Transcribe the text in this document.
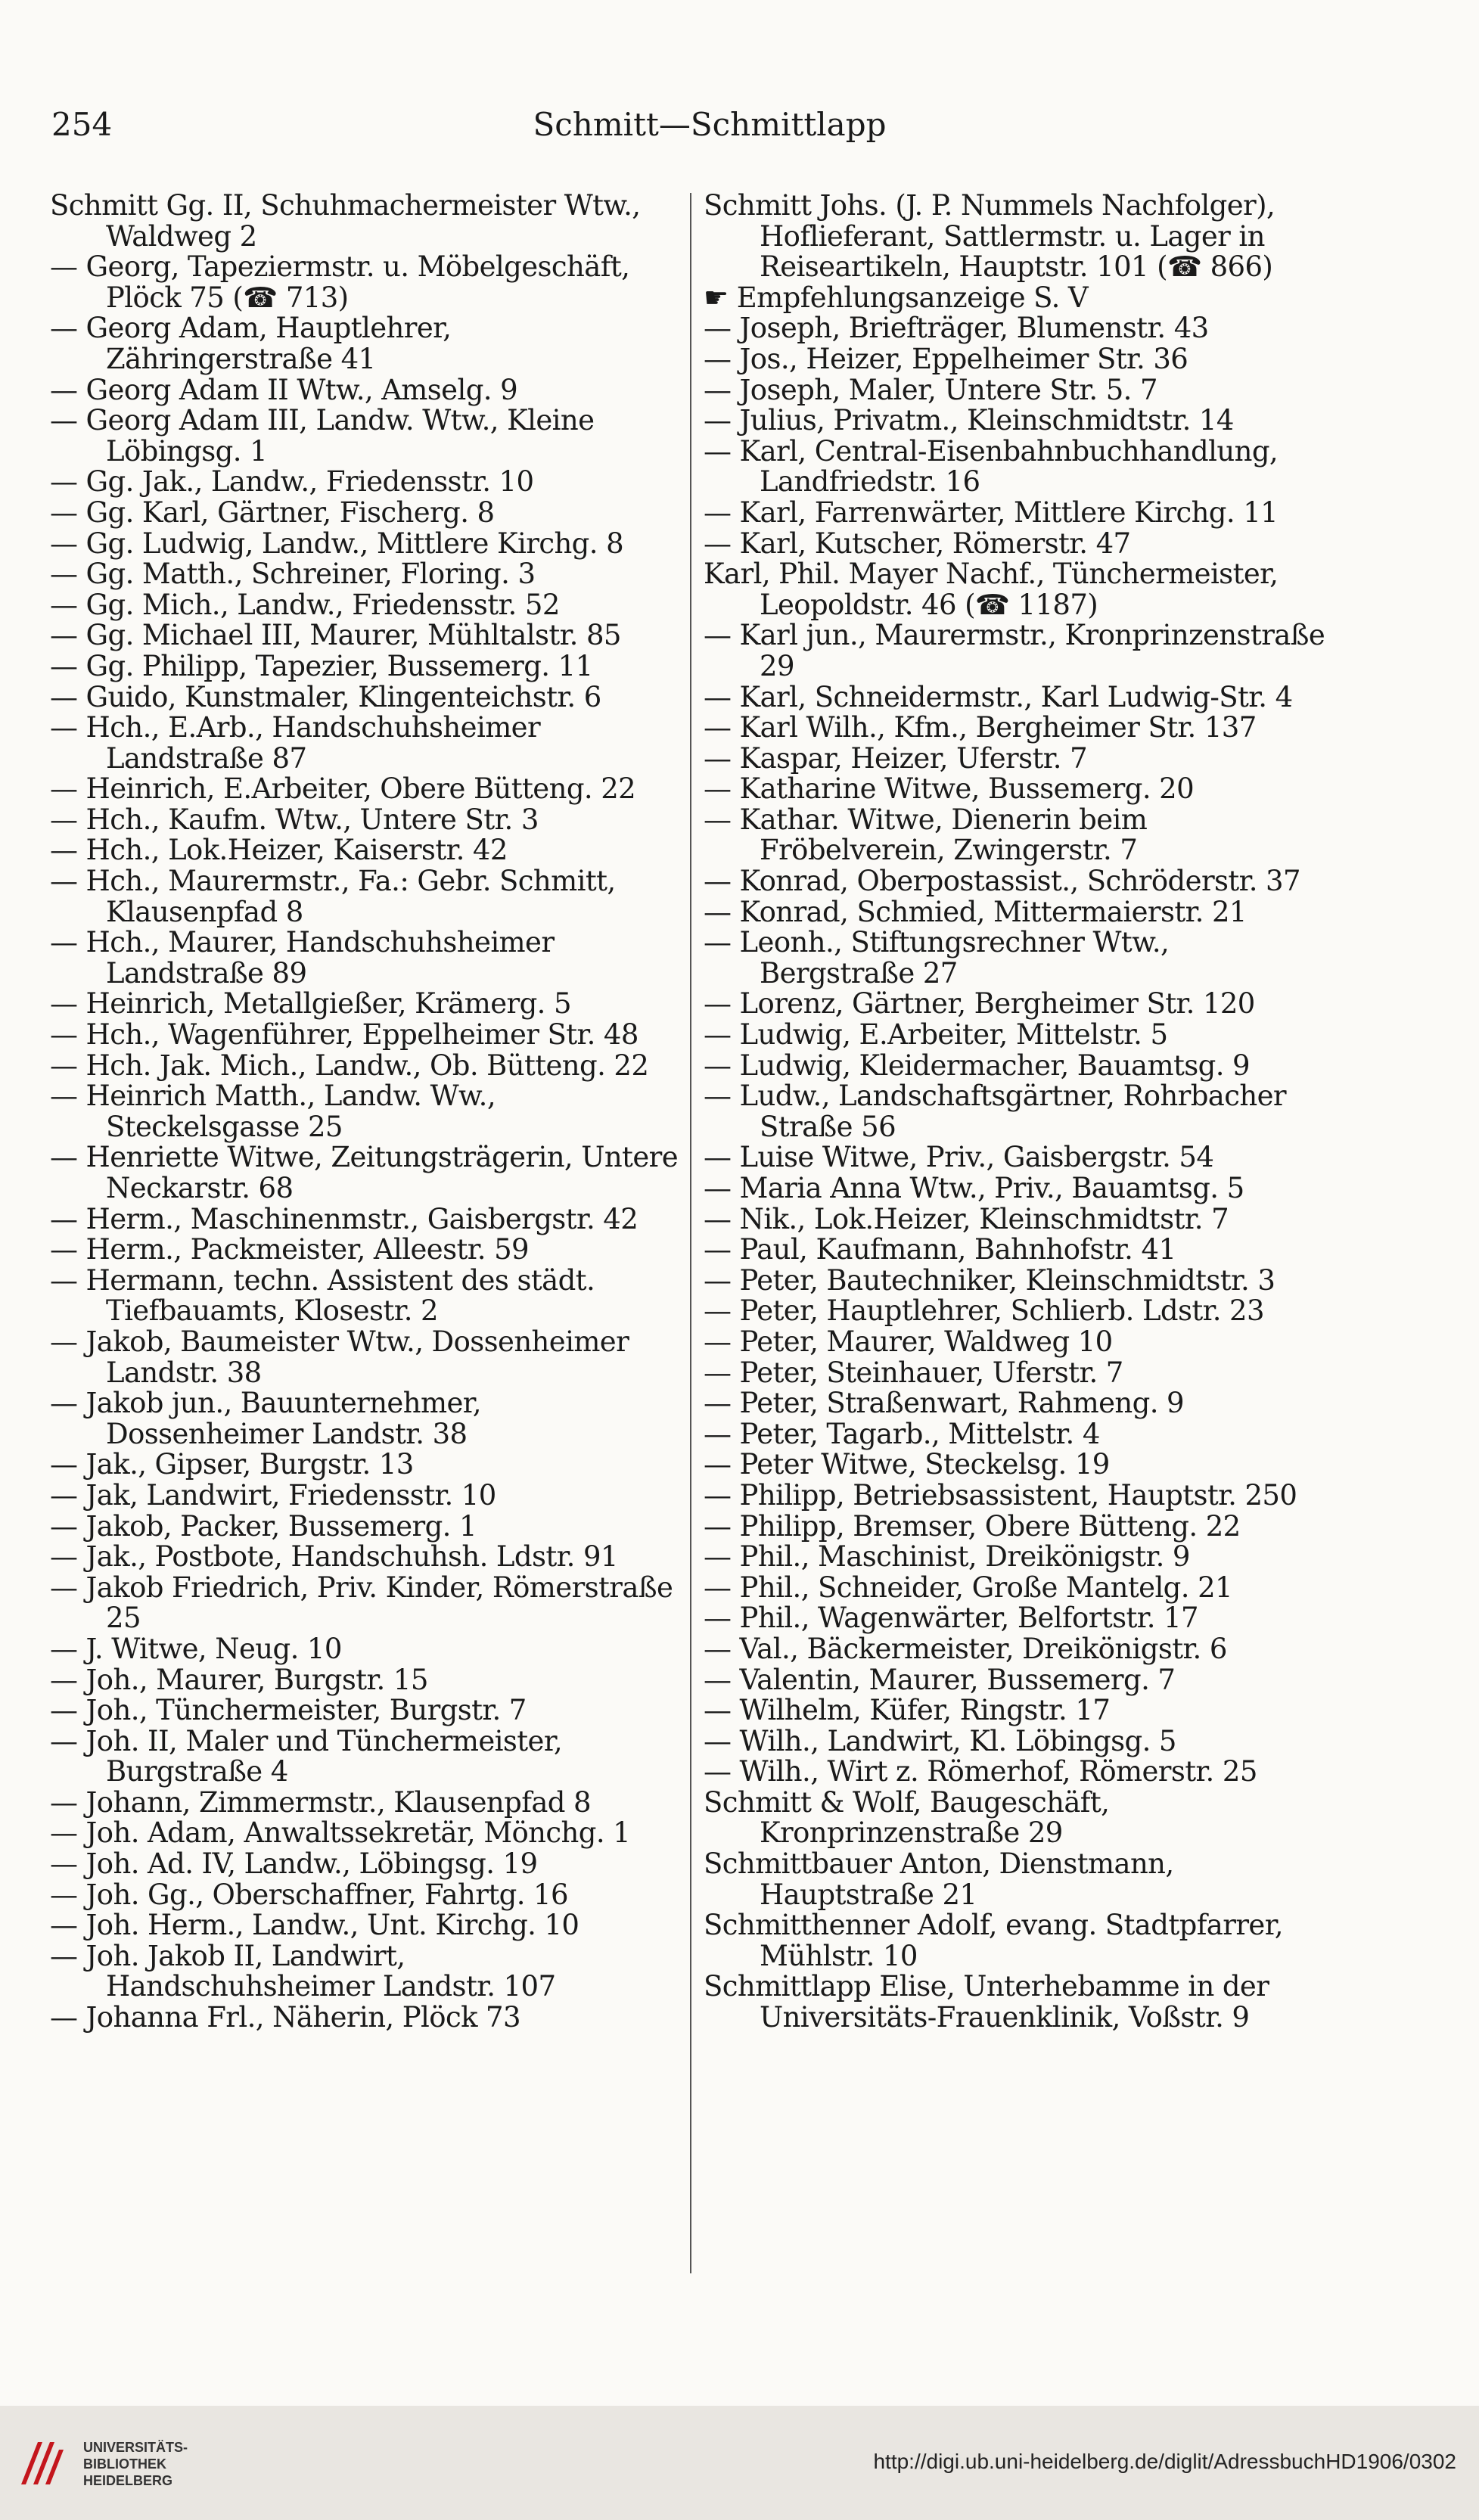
254	Schmitt—Schmittlapp

Schmitt Gg. II, Schuhmachermeister Wtw., Waldweg 2

— Georg, Tapeziermstr. u. Möbelgeschäft, Plöck 75 (☎ 713)

— Georg Adam, Hauptlehrer, Zähringerstraße 41

— Georg Adam II Wtw., Amselg. 9

— Georg Adam III, Landw. Wtw., Kleine Löbingsg. 1

— Gg. Jak., Landw., Friedensstr. 10

— Gg. Karl, Gärtner, Fischerg. 8

— Gg. Ludwig, Landw., Mittlere Kirchg. 8

— Gg. Matth., Schreiner, Floring. 3

— Gg. Mich., Landw., Friedensstr. 52

— Gg. Michael III, Maurer, Mühltalstr. 85

— Gg. Philipp, Tapezier, Bussemerg. 11

— Guido, Kunstmaler, Klingenteichstr. 6

— Hch., E.Arb., Handschuhsheimer Landstraße 87

— Heinrich, E.Arbeiter, Obere Bütteng. 22

— Hch., Kaufm. Wtw., Untere Str. 3

— Hch., Lok.Heizer, Kaiserstr. 42

— Hch., Maurermstr., Fa.: Gebr. Schmitt, Klausenpfad 8

— Hch., Maurer, Handschuhsheimer Landstraße 89

— Heinrich, Metallgießer, Krämerg. 5

— Hch., Wagenführer, Eppelheimer Str. 48

— Hch. Jak. Mich., Landw., Ob. Bütteng. 22

— Heinrich Matth., Landw. Ww., Steckelsgasse 25

— Henriette Witwe, Zeitungsträgerin, Untere Neckarstr. 68

— Herm., Maschinenmstr., Gaisbergstr. 42

— Herm., Packmeister, Alleestr. 59

— Hermann, techn. Assistent des städt. Tiefbauamts, Klosestr. 2

— Jakob, Baumeister Wtw., Dossenheimer Landstr. 38

— Jakob jun., Bauunternehmer, Dossenheimer Landstr. 38

— Jak., Gipser, Burgstr. 13

— Jak, Landwirt, Friedensstr. 10

— Jakob, Packer, Bussemerg. 1

— Jak., Postbote, Handschuhsh. Ldstr. 91

— Jakob Friedrich, Priv. Kinder, Römerstraße 25

— J. Witwe, Neug. 10

— Joh., Maurer, Burgstr. 15

— Joh., Tünchermeister, Burgstr. 7

— Joh. II, Maler und Tünchermeister, Burgstraße 4

— Johann, Zimmermstr., Klausenpfad 8

— Joh. Adam, Anwaltssekretär, Mönchg. 1

— Joh. Ad. IV, Landw., Löbingsg. 19

— Joh. Gg., Oberschaffner, Fahrtg. 16

— Joh. Herm., Landw., Unt. Kirchg. 10

— Joh. Jakob II, Landwirt, Handschuhsheimer Landstr. 107

— Johanna Frl., Näherin, Plöck 73

Schmitt Johs. (J. P. Nummels Nachfolger), Hoflieferant, Sattlermstr. u. Lager in Reiseartikeln, Hauptstr. 101 (☎ 866)

☛ Empfehlungsanzeige S. V

— Joseph, Briefträger, Blumenstr. 43

— Jos., Heizer, Eppelheimer Str. 36

— Joseph, Maler, Untere Str. 5. 7

— Julius, Privatm., Kleinschmidtstr. 14

— Karl, Central-Eisenbahnbuchhandlung, Landfriedstr. 16

— Karl, Farrenwärter, Mittlere Kirchg. 11

— Karl, Kutscher, Römerstr. 47

Karl, Phil. Mayer Nachf., Tünchermeister, Leopoldstr. 46 (☎ 1187)

— Karl jun., Maurermstr., Kronprinzenstraße 29

— Karl, Schneidermstr., Karl Ludwig-Str. 4

— Karl Wilh., Kfm., Bergheimer Str. 137

— Kaspar, Heizer, Uferstr. 7

— Katharine Witwe, Bussemerg. 20

— Kathar. Witwe, Dienerin beim Fröbelverein, Zwingerstr. 7

— Konrad, Oberpostassist., Schröderstr. 37

— Konrad, Schmied, Mittermaierstr. 21

— Leonh., Stiftungsrechner Wtw., Bergstraße 27

— Lorenz, Gärtner, Bergheimer Str. 120

— Ludwig, E.Arbeiter, Mittelstr. 5

— Ludwig, Kleidermacher, Bauamtsg. 9

— Ludw., Landschaftsgärtner, Rohrbacher Straße 56

— Luise Witwe, Priv., Gaisbergstr. 54

— Maria Anna Wtw., Priv., Bauamtsg. 5

— Nik., Lok.Heizer, Kleinschmidtstr. 7

— Paul, Kaufmann, Bahnhofstr. 41

— Peter, Bautechniker, Kleinschmidtstr. 3

— Peter, Hauptlehrer, Schlierb. Ldstr. 23

— Peter, Maurer, Waldweg 10

— Peter, Steinhauer, Uferstr. 7

— Peter, Straßenwart, Rahmeng. 9

— Peter, Tagarb., Mittelstr. 4

— Peter Witwe, Steckelsg. 19

— Philipp, Betriebsassistent, Hauptstr. 250

— Philipp, Bremser, Obere Bütteng. 22

— Phil., Maschinist, Dreikönigstr. 9

— Phil., Schneider, Große Mantelg. 21

— Phil., Wagenwärter, Belfortstr. 17

— Val., Bäckermeister, Dreikönigstr. 6

— Valentin, Maurer, Bussemerg. 7

— Wilhelm, Küfer, Ringstr. 17

— Wilh., Landwirt, Kl. Löbingsg. 5

— Wilh., Wirt z. Römerhof, Römerstr. 25

Schmitt & Wolf, Baugeschäft, Kronprinzenstraße 29

Schmittbauer Anton, Dienstmann, Hauptstraße 21

Schmitthenner Adolf, evang. Stadtpfarrer, Mühlstr. 10

Schmittlapp Elise, Unterhebamme in der Universitäts-Frauenklinik, Voßstr. 9

UNIVERSITÄTS-
BIBLIOTHEK
HEIDELBERG
http://digi.ub.uni-heidelberg.de/diglit/AdressbuchHD1906/0302
